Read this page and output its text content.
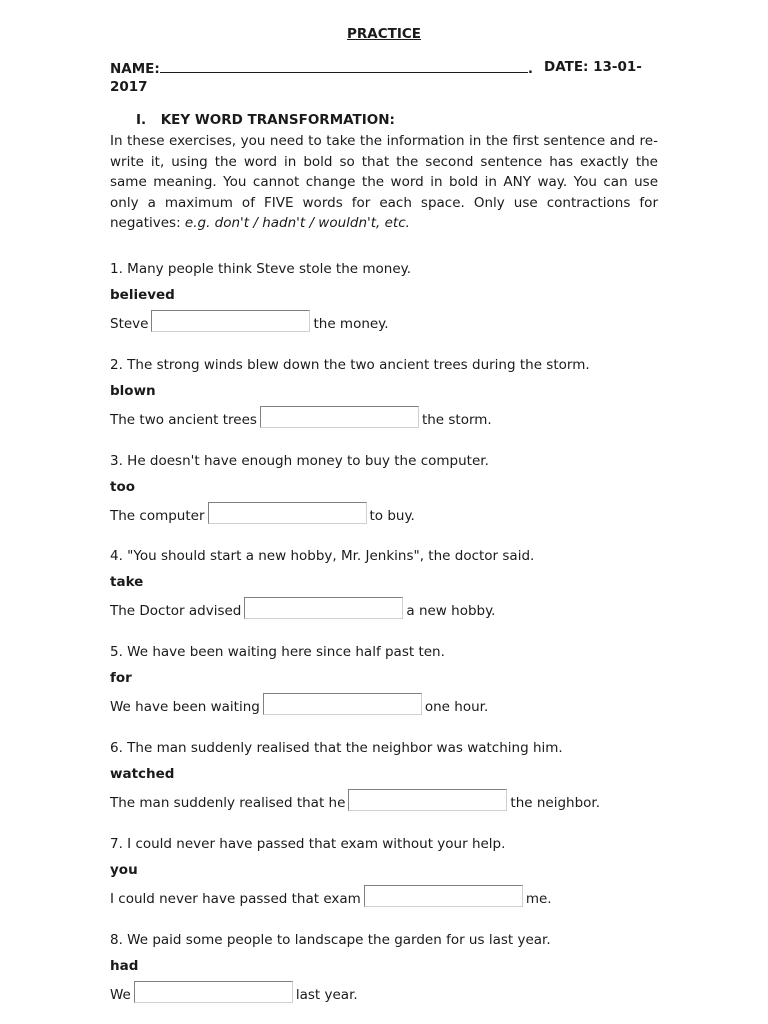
PRACTICE
NAME:	. DATE: 13-01-
2017
I. KEY WORD TRANSFORMATION:
In these exercises, you need to take the information in the first sentence and re-write it, using the word in bold so that the second sentence has exactly the same meaning. You cannot change the word in bold in ANY way. You can use only a maximum of FIVE words for each space. Only use contractions for negatives: e.g. don't / hadn't / wouldn't, etc.
1. Many people think Steve stole the money.
believed
Steve	the money.
2. The strong winds blew down the two ancient trees during the storm.
blown
The two ancient trees	the storm.
3. He doesn't have enough money to buy the computer.
too
The computer	to buy.
4. "You should start a new hobby, Mr. Jenkins", the doctor said.
take
The Doctor advised	a new hobby.
5. We have been waiting here since half past ten.
for
We have been waiting	one hour.
6. The man suddenly realised that the neighbor was watching him.
watched
The man suddenly realised that he	the neighbor.
7. I could never have passed that exam without your help.
you
I could never have passed that exam	me.
8. We paid some people to landscape the garden for us last year.
had
We	last year.
